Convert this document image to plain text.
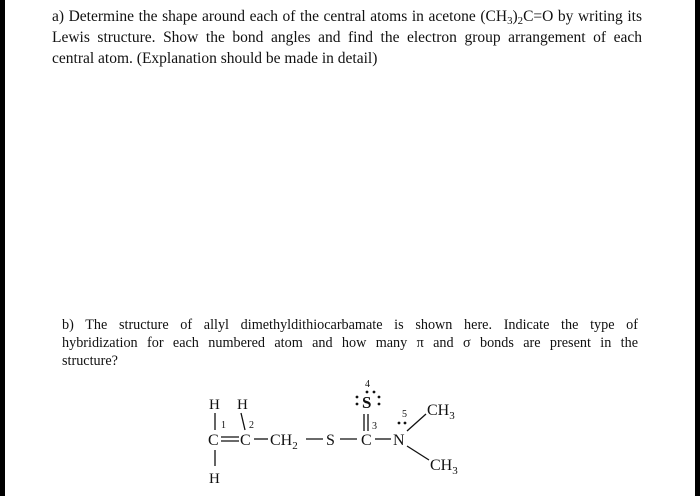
a) Determine the shape around each of the central atoms in acetone $(CH_3)_2C=O$ by writing its
Lewis structure. Show the bond angles and find the electron group arrangement of each
central atom. (Explanation should be made in detail)
b) The structure of allyl dimethyldithiocarbamate is shown here. Indicate the type of
hybridization for each numbered atom and how many π and σ bonds are present in the
structure?
H H
1 2
C C $CH_2$ S C N
4
S
3
5 $CH_3$
$CH_3$
H
